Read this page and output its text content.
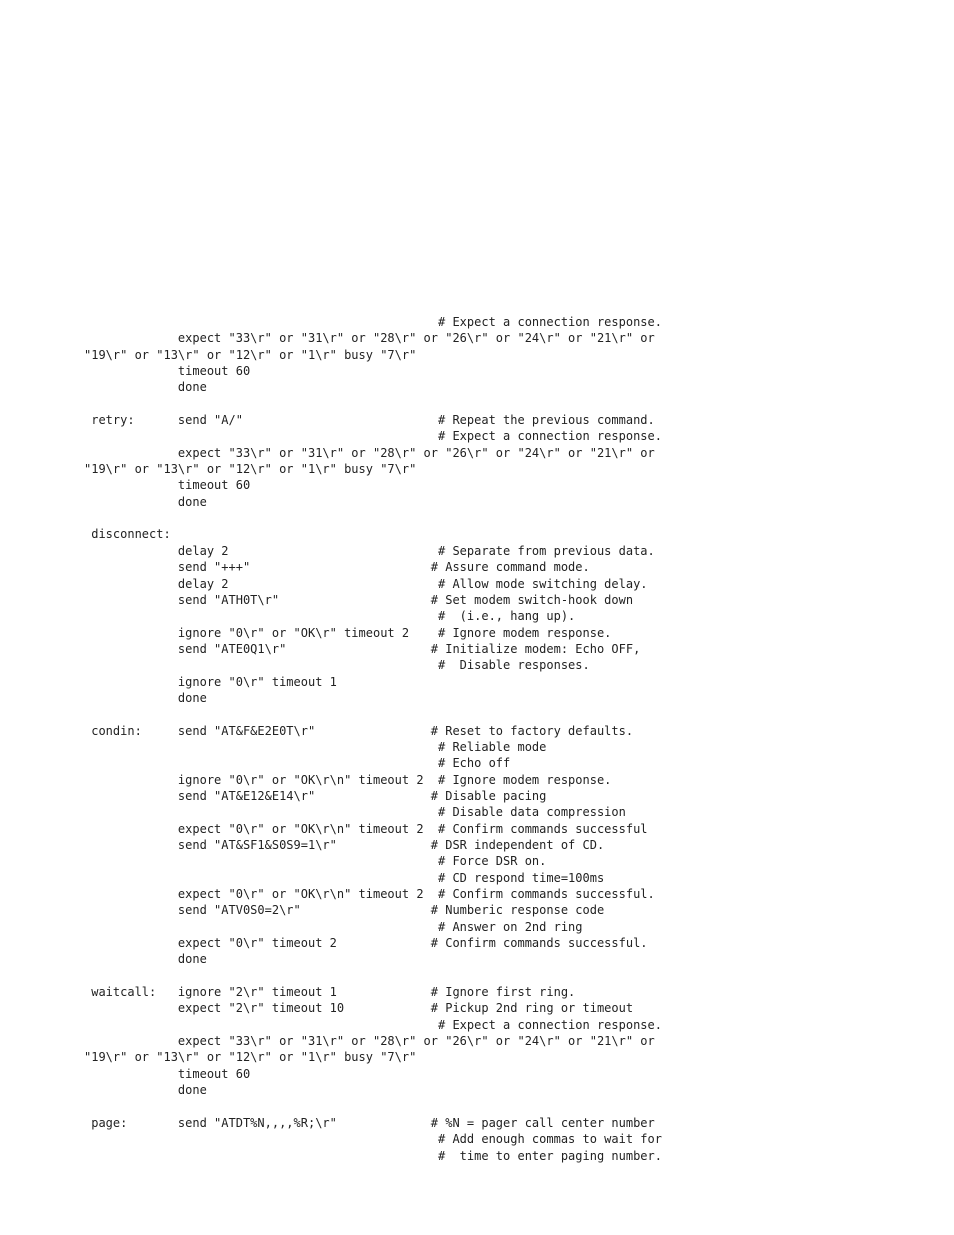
# Expect a connection response.
expect "33\r" or "31\r" or "28\r" or "26\r" or "24\r" or "21\r" or
"19\r" or "13\r" or "12\r" or "1\r" busy "7\r"
timeout 60
done
retry:      send "A/"                           # Repeat the previous command.
# Expect a connection response.
expect "33\r" or "31\r" or "28\r" or "26\r" or "24\r" or "21\r" or
"19\r" or "13\r" or "12\r" or "1\r" busy "7\r"
timeout 60
done
disconnect:
delay 2                             # Separate from previous data.
send "+++"                         # Assure command mode.
delay 2                             # Allow mode switching delay.
send "ATH0T\r"                     # Set modem switch-hook down
#  (i.e., hang up).
ignore "0\r" or "OK\r" timeout 2    # Ignore modem response.
send "ATE0Q1\r"                    # Initialize modem: Echo OFF,
#  Disable responses.
ignore "0\r" timeout 1
done
condin:     send "AT&F&E2E0T\r"                # Reset to factory defaults.
# Reliable mode
# Echo off
ignore "0\r" or "OK\r\n" timeout 2  # Ignore modem response.
send "AT&E12&E14\r"                # Disable pacing
# Disable data compression
expect "0\r" or "OK\r\n" timeout 2  # Confirm commands successful
send "AT&SF1&S0S9=1\r"             # DSR independent of CD.
# Force DSR on.
# CD respond time=100ms
expect "0\r" or "OK\r\n" timeout 2  # Confirm commands successful.
send "ATV0S0=2\r"                  # Numberic response code
# Answer on 2nd ring
expect "0\r" timeout 2             # Confirm commands successful.
done
waitcall:   ignore "2\r" timeout 1             # Ignore first ring.
expect "2\r" timeout 10            # Pickup 2nd ring or timeout
# Expect a connection response.
expect "33\r" or "31\r" or "28\r" or "26\r" or "24\r" or "21\r" or
"19\r" or "13\r" or "12\r" or "1\r" busy "7\r"
timeout 60
done
page:       send "ATDT%N,,,,%R;\r"             # %N = pager call center number
# Add enough commas to wait for
#  time to enter paging number.
